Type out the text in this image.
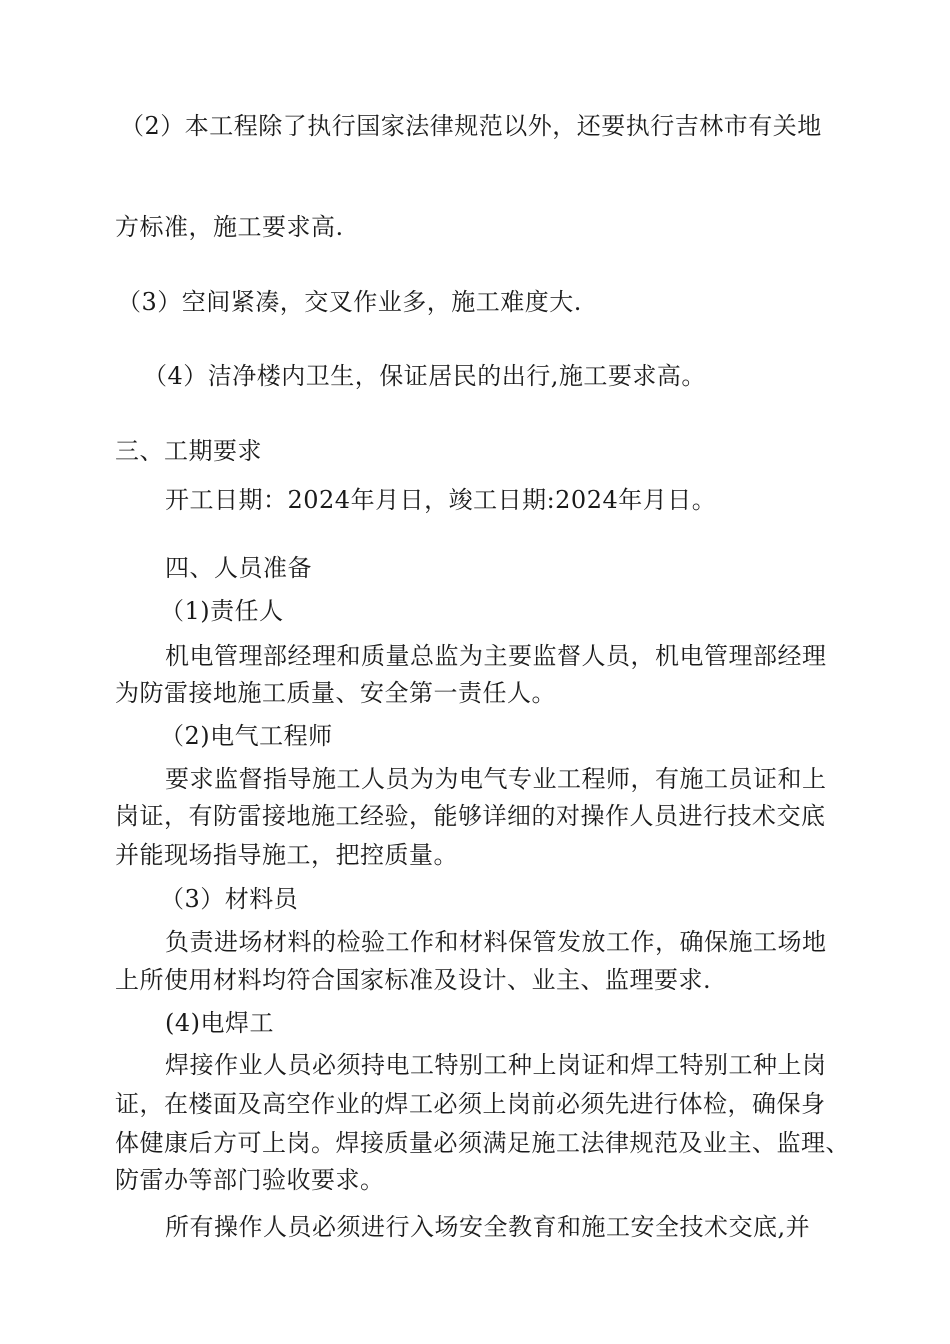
（2）本工程除了执行国家法律规范以外，还要执行吉林市有关地
方标准，施工要求高.
（3）空间紧凑，交叉作业多，施工难度大.
（4）洁净楼内卫生，保证居民的出行,施工要求高。
三、工期要求
开工日期：2024年月日，竣工日期:2024年月日。
四、人员准备
（1)责任人
机电管理部经理和质量总监为主要监督人员，机电管理部经理
为防雷接地施工质量、安全第一责任人。
（2)电气工程师
要求监督指导施工人员为为电气专业工程师，有施工员证和上
岗证，有防雷接地施工经验，能够详细的对操作人员进行技术交底
并能现场指导施工，把控质量。
（3）材料员
负责进场材料的检验工作和材料保管发放工作，确保施工场地
上所使用材料均符合国家标准及设计、业主、监理要求.
(4)电焊工
焊接作业人员必须持电工特别工种上岗证和焊工特别工种上岗
证，在楼面及高空作业的焊工必须上岗前必须先进行体检，确保身
体健康后方可上岗。焊接质量必须满足施工法律规范及业主、监理、
防雷办等部门验收要求。
所有操作人员必须进行入场安全教育和施工安全技术交底,并
